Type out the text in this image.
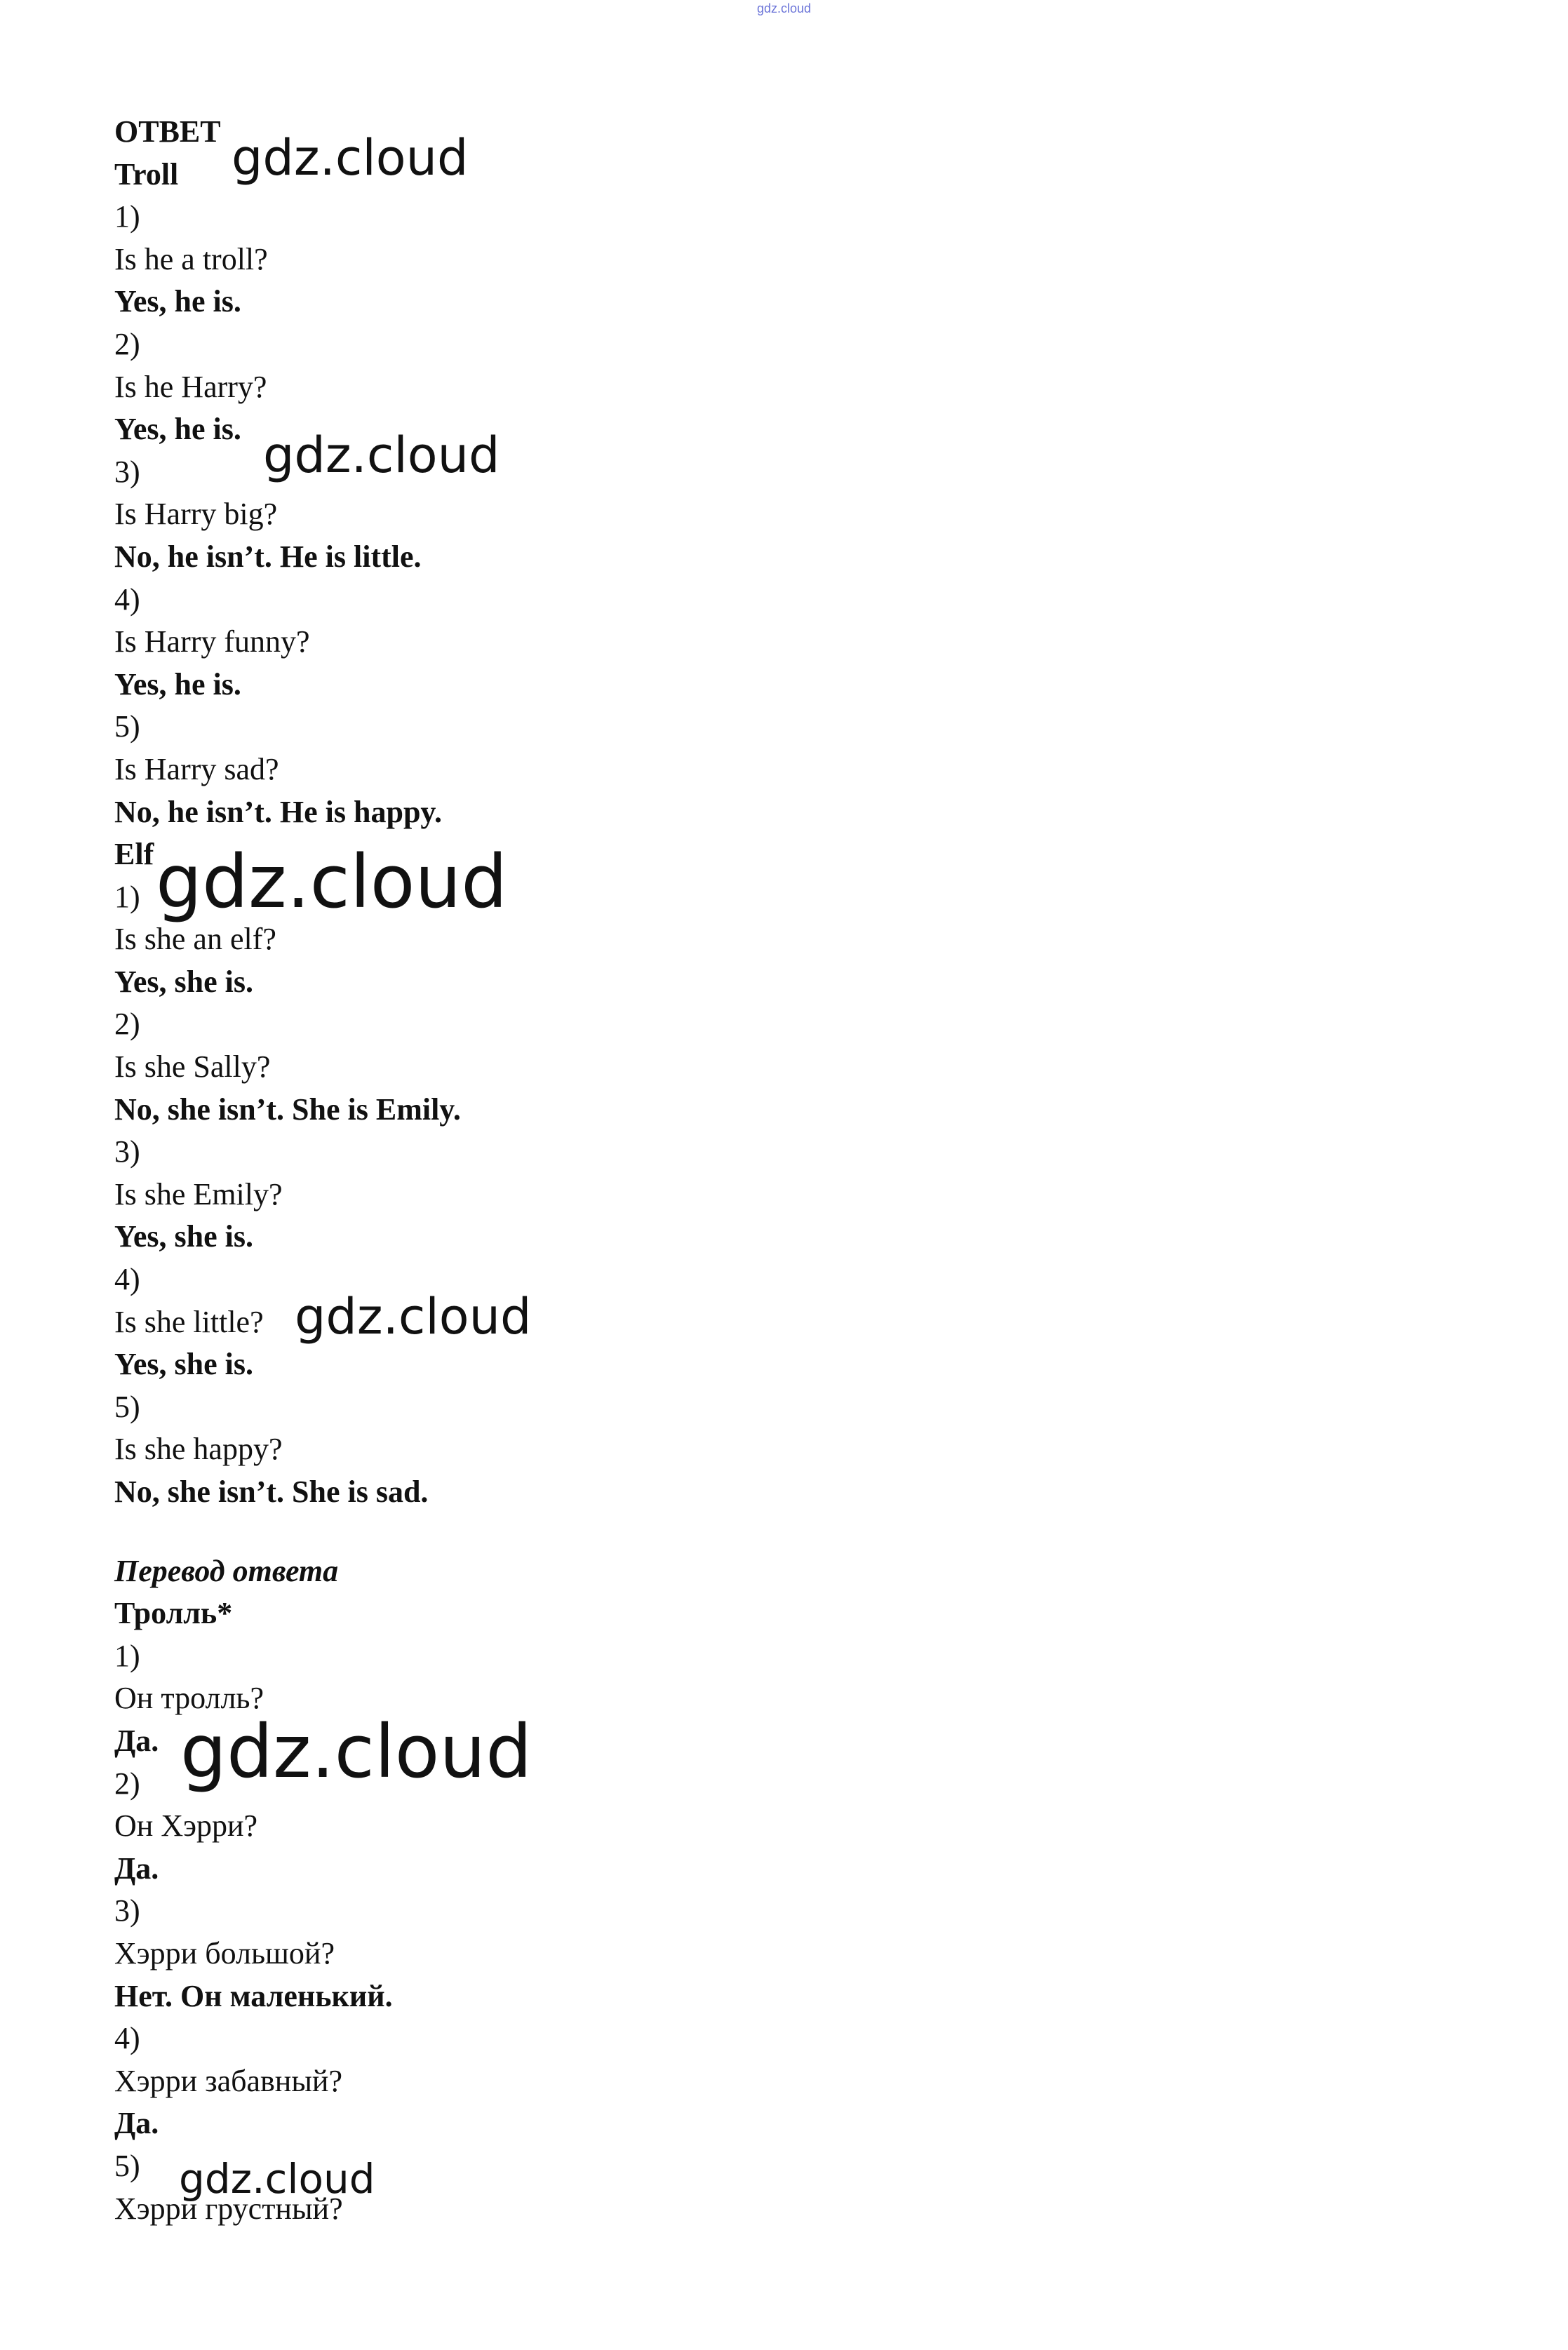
gdz.cloud
ОТВЕТ
Troll
1)
Is he a troll?
Yes, he is.
2)
Is he Harry?
Yes, he is.
3)
Is Harry big?
No, he isn’t. He is little.
4)
Is Harry funny?
Yes, he is.
5)
Is Harry sad?
No, he isn’t. He is happy.
Elf
1)
Is she an elf?
Yes, she is.
2)
Is she Sally?
No, she isn’t. She is Emily.
3)
Is she Emily?
Yes, she is.
4)
Is she little?
Yes, she is.
5)
Is she happy?
No, she isn’t. She is sad.
Перевод ответа
Тролль*
1)
Он тролль?
Да.
2)
Он Хэрри?
Да.
3)
Хэрри большой?
Нет. Он маленький.
4)
Хэрри забавный?
Да.
5)
Хэрри грустный?
gdz.cloud
gdz.cloud
gdz.cloud
gdz.cloud
gdz.cloud
gdz.cloud
